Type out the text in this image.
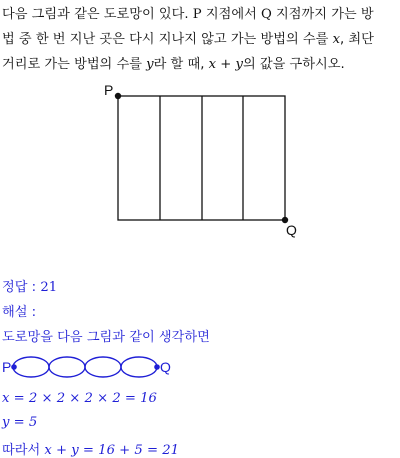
다음 그림과 같은 도로망이 있다. P 지점에서 Q 지점까지 가는 방
법 중 한 번 지난 곳은 다시 지나지 않고 가는 방법의 수를 x, 최단
거리로 가는 방법의 수를 y라 할 때, x + y의 값을 구하시오.
P
Q
정답 : 21
해설 :
도로망을 다음 그림과 같이 생각하면
P	Q
x = 2 × 2 × 2 × 2 = 16
y = 5
따라서 x + y = 16 + 5 = 21
